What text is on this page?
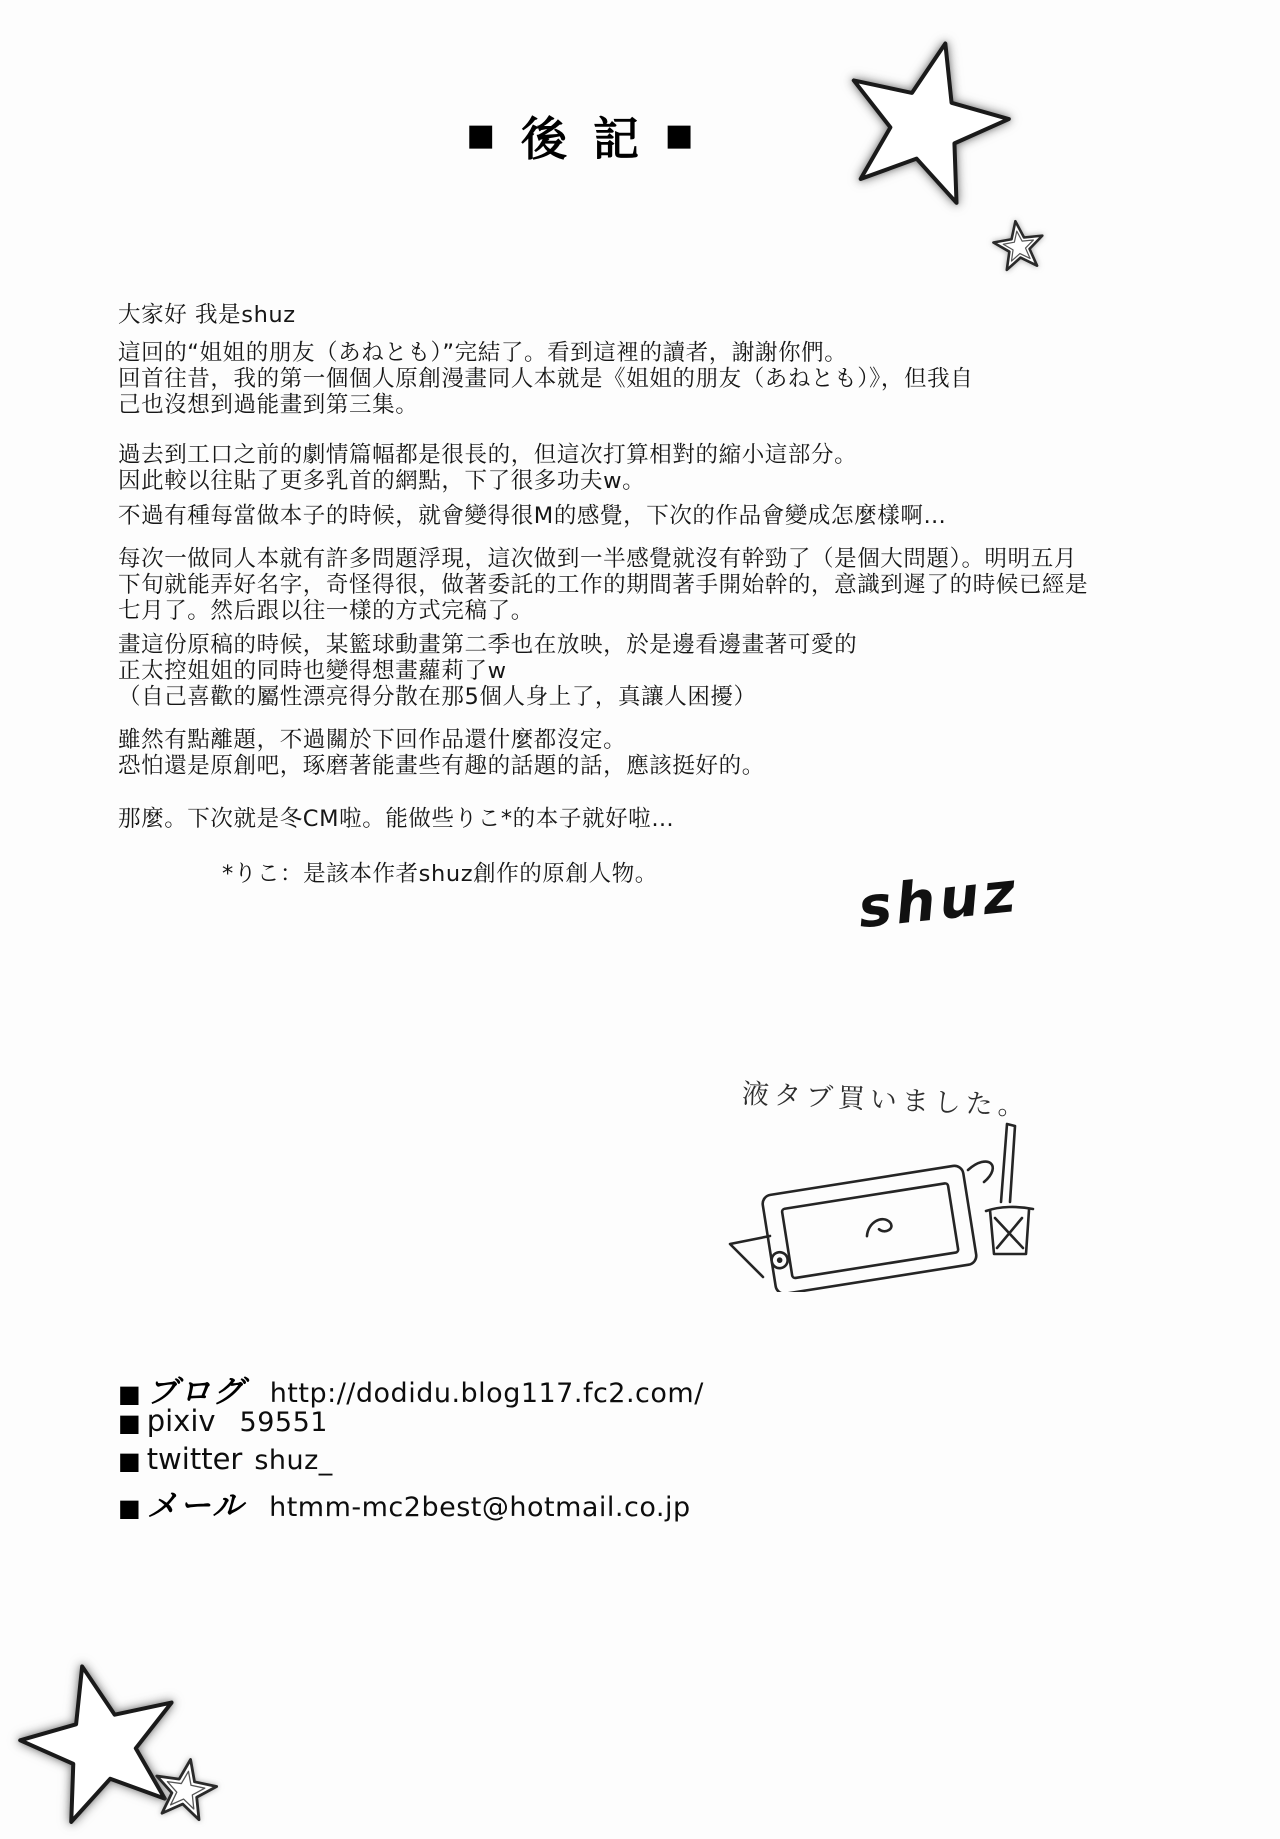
■ 後記 ■
大家好 我是shuz
這回的“姐姐的朋友（あねとも）”完結了。看到這裡的讀者，謝謝你們。
回首往昔，我的第一個個人原創漫畫同人本就是《姐姐的朋友（あねとも）》，但我自
己也沒想到過能畫到第三集。
過去到工口之前的劇情篇幅都是很長的，但這次打算相對的縮小這部分。
因此較以往貼了更多乳首的網點，下了很多功夫w。
不過有種每當做本子的時候，就會變得很M的感覺，下次的作品會變成怎麼樣啊…
每次一做同人本就有許多問題浮現，這次做到一半感覺就沒有幹勁了（是個大問題）。明明五月
下旬就能弄好名字，奇怪得很，做著委託的工作的期間著手開始幹的，意識到遲了的時候已經是
七月了。然后跟以往一樣的方式完稿了。
畫這份原稿的時候，某籃球動畫第二季也在放映，於是邊看邊畫著可愛的
正太控姐姐的同時也變得想畫蘿莉了w
（自己喜歡的屬性漂亮得分散在那5個人身上了，真讓人困擾）
雖然有點離題，不過關於下回作品還什麼都沒定。
恐怕還是原創吧，琢磨著能畫些有趣的話題的話，應該挺好的。
那麼。下次就是冬CM啦。能做些りこ*的本子就好啦…
*りこ：是該本作者shuz創作的原創人物。	shuz
液タブ買いました。
■ ブログ http://dodidu.blog117.fc2.com/
■ pixiv 59551
■ twitter shuz_
■ メール htmm-mc2best@hotmail.co.jp
